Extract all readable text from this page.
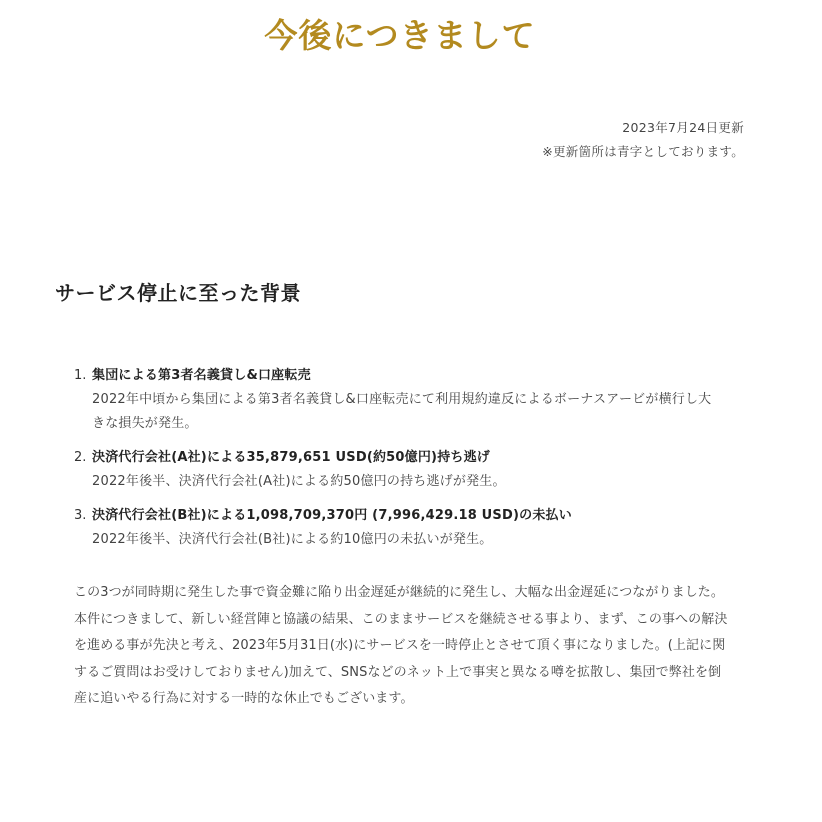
今後につきまして
2023年7月24日更新
※更新箇所は青字としております。
サービス停止に至った背景
1. 集団による第3者名義貸し&口座転売
2022年中頃から集団による第3者名義貸し&口座転売にて利用規約違反によるボーナスアービが横行し大きな損失が発生。
2. 決済代行会社(A社)による35,879,651 USD(約50億円)持ち逃げ
2022年後半、決済代行会社(A社)による約50億円の持ち逃げが発生。
3. 決済代行会社(B社)による1,098,709,370円 (7,996,429.18 USD)の未払い
2022年後半、決済代行会社(B社)による約10億円の未払いが発生。

この3つが同時期に発生した事で資金難に陥り出金遅延が継続的に発生し、大幅な出金遅延につながりました。本件につきまして、新しい経営陣と協議の結果、このままサービスを継続させる事より、まず、この事への解決を進める事が先決と考え、2023年5月31日(水)にサービスを一時停止とさせて頂く事になりました。(上記に関するご質問はお受けしておりません)加えて、SNSなどのネット上で事実と異なる噂を拡散し、集団で弊社を倒産に追いやる行為に対する一時的な休止でもございます。
